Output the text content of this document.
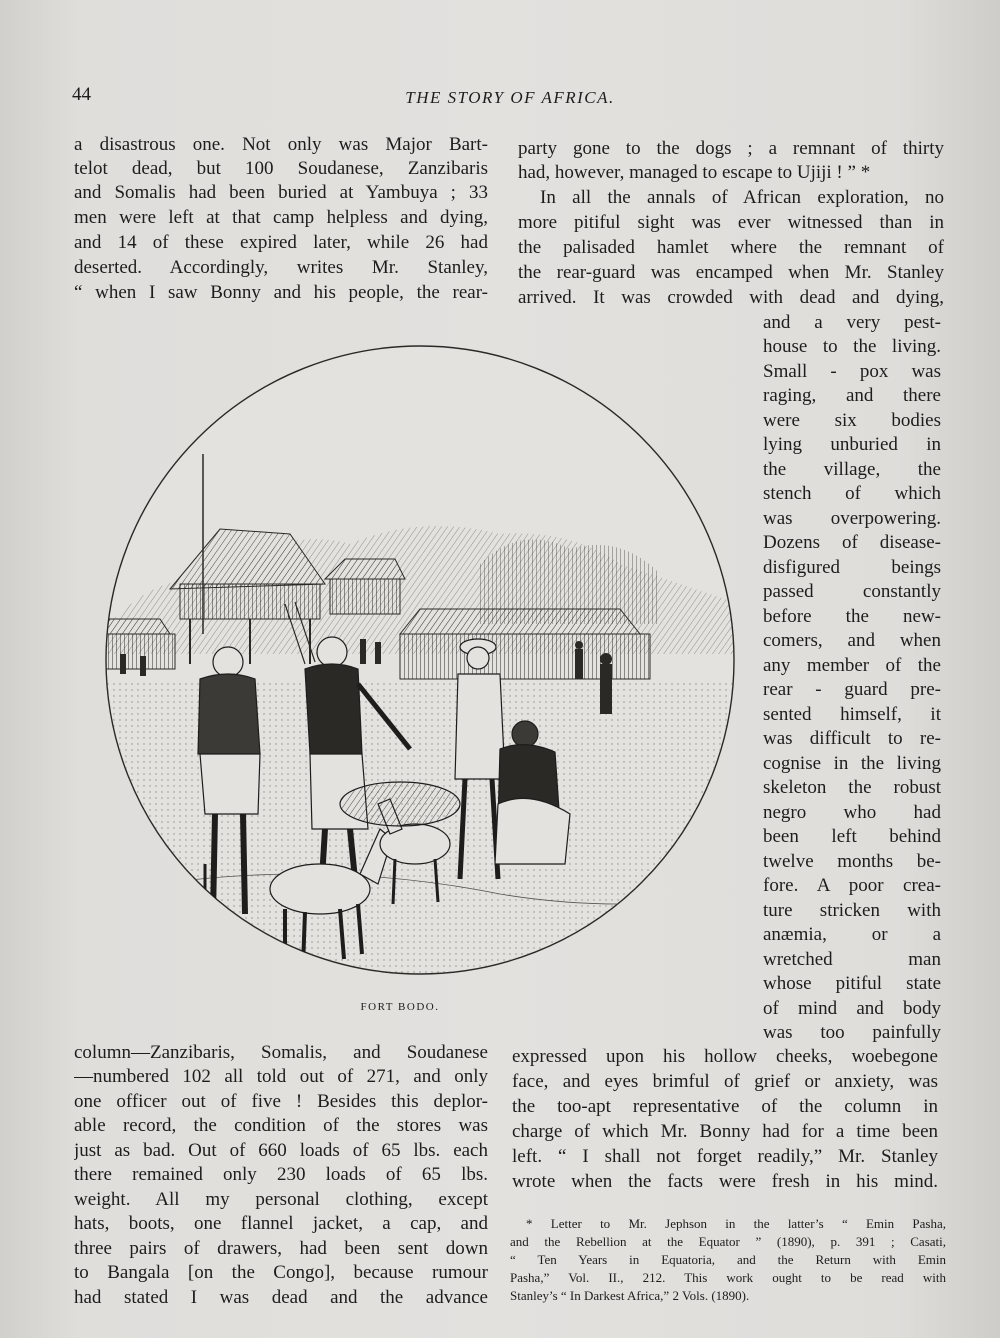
44	THE STORY OF AFRICA.
a disastrous one. Not only was Major Bart-
telot dead, but 100 Soudanese, Zanzibaris
and Somalis had been buried at Yambuya ; 33
men were left at that camp helpless and dying,
and 14 of these expired later, while 26 had
deserted. Accordingly, writes Mr. Stanley,
“ when I saw Bonny and his people, the rear-
party gone to the dogs ; a remnant of thirty
had, however, managed to escape to Ujiji ! ” *
In all the annals of African exploration, no
more pitiful sight was ever witnessed than in
the palisaded hamlet where the remnant of
the rear-guard was encamped when Mr. Stanley
arrived. It was crowded with dead and dying,
and a very pest-
house to the living.
Small - pox was
raging, and there
were six bodies
lying unburied in
the village, the
stench of which
was overpowering.
Dozens of disease-
disfigured beings
passed constantly
before the new-
comers, and when
any member of the
rear - guard pre-
sented himself, it
was difficult to re-
cognise in the living
skeleton the robust
negro who had
been left behind
twelve months be-
fore. A poor crea-
ture stricken with
anæmia, or a
wretched man
whose pitiful state
of mind and body
was too painfully
FORT BODO.
column—Zanzibaris, Somalis, and Soudanese
—numbered 102 all told out of 271, and only
one officer out of five ! Besides this deplor-
able record, the condition of the stores was
just as bad. Out of 660 loads of 65 lbs. each
there remained only 230 loads of 65 lbs.
weight. All my personal clothing, except
hats, boots, one flannel jacket, a cap, and
three pairs of drawers, had been sent down
to Bangala [on the Congo], because rumour
had stated I was dead and the advance
expressed upon his hollow cheeks, woebegone
face, and eyes brimful of grief or anxiety, was
the too-apt representative of the column in
charge of which Mr. Bonny had for a time been
left. “ I shall not forget readily,” Mr. Stanley
wrote when the facts were fresh in his mind.
* Letter to Mr. Jephson in the latter’s “ Emin Pasha,
and the Rebellion at the Equator ” (1890), p. 391 ; Casati,
“ Ten Years in Equatoria, and the Return with Emin
Pasha,” Vol. II., 212. This work ought to be read with
Stanley’s “ In Darkest Africa,” 2 Vols. (1890).
